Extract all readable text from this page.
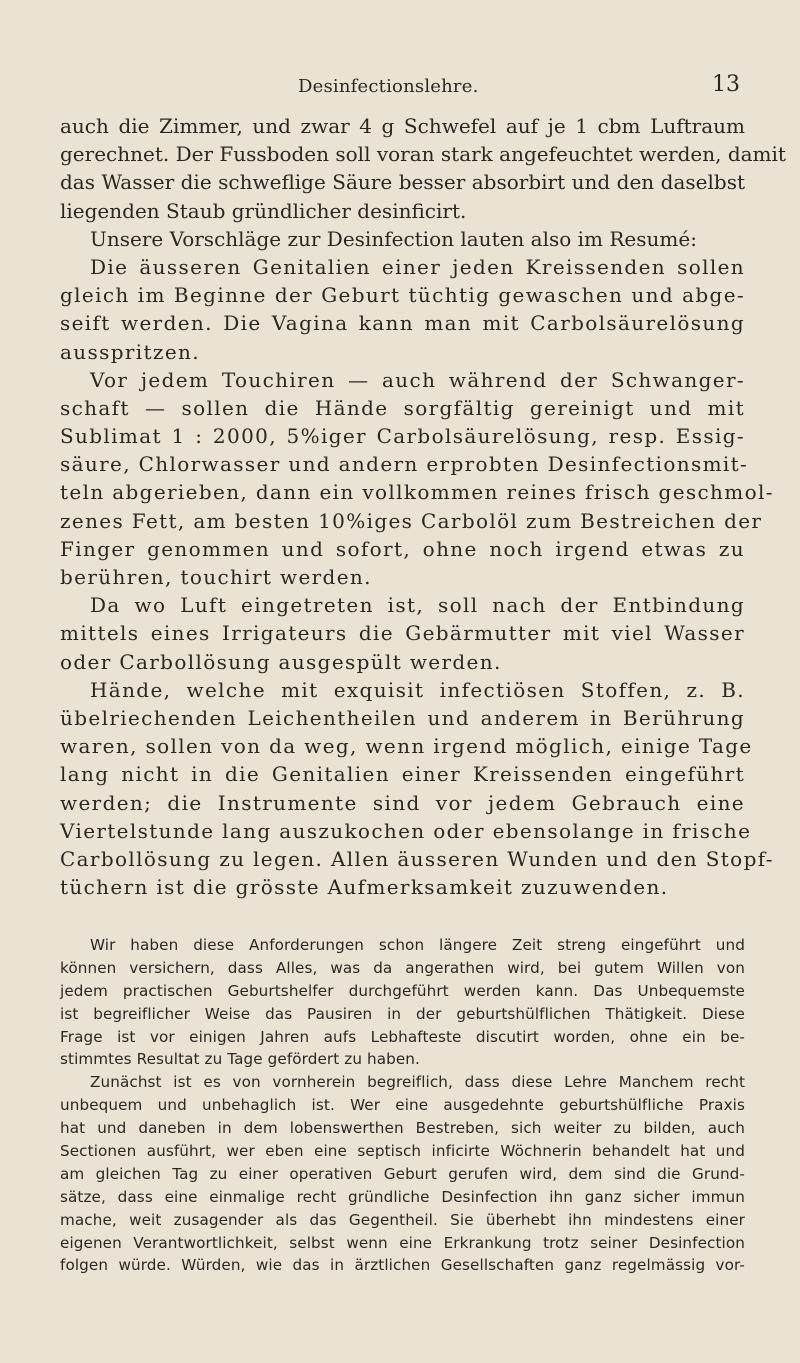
Desinfectionslehre.	13
auch die Zimmer, und zwar 4 g Schwefel auf je 1 cbm Luftraum
gerechnet. Der Fussboden soll voran stark angefeuchtet werden, damit
das Wasser die schweflige Säure besser absorbirt und den daselbst
liegenden Staub gründlicher desinficirt.
Unsere Vorschläge zur Desinfection lauten also im Resumé:
Die äusseren Genitalien einer jeden Kreissenden sollen
gleich im Beginne der Geburt tüchtig gewaschen und abge-
seift werden. Die Vagina kann man mit Carbolsäurelösung
ausspritzen.
Vor jedem Touchiren — auch während der Schwanger-
schaft — sollen die Hände sorgfältig gereinigt und mit
Sublimat 1 : 2000, 5%iger Carbolsäurelösung, resp. Essig-
säure, Chlorwasser und andern erprobten Desinfectionsmit-
teln abgerieben, dann ein vollkommen reines frisch geschmol-
zenes Fett, am besten 10%iges Carbolöl zum Bestreichen der
Finger genommen und sofort, ohne noch irgend etwas zu
berühren, touchirt werden.
Da wo Luft eingetreten ist, soll nach der Entbindung
mittels eines Irrigateurs die Gebärmutter mit viel Wasser
oder Carbollösung ausgespült werden.
Hände, welche mit exquisit infectiösen Stoffen, z. B.
übelriechenden Leichentheilen und anderem in Berührung
waren, sollen von da weg, wenn irgend möglich, einige Tage
lang nicht in die Genitalien einer Kreissenden eingeführt
werden; die Instrumente sind vor jedem Gebrauch eine
Viertelstunde lang auszukochen oder ebensolange in frische
Carbollösung zu legen. Allen äusseren Wunden und den Stopf-
tüchern ist die grösste Aufmerksamkeit zuzuwenden.
Wir haben diese Anforderungen schon längere Zeit streng eingeführt und
können versichern, dass Alles, was da angerathen wird, bei gutem Willen von
jedem practischen Geburtshelfer durchgeführt werden kann. Das Unbequemste
ist begreiflicher Weise das Pausiren in der geburtshülflichen Thätigkeit. Diese
Frage ist vor einigen Jahren aufs Lebhafteste discutirt worden, ohne ein be-
stimmtes Resultat zu Tage gefördert zu haben.
Zunächst ist es von vornherein begreiflich, dass diese Lehre Manchem recht
unbequem und unbehaglich ist. Wer eine ausgedehnte geburtshülfliche Praxis
hat und daneben in dem lobenswerthen Bestreben, sich weiter zu bilden, auch
Sectionen ausführt, wer eben eine septisch inficirte Wöchnerin behandelt hat und
am gleichen Tag zu einer operativen Geburt gerufen wird, dem sind die Grund-
sätze, dass eine einmalige recht gründliche Desinfection ihn ganz sicher immun
mache, weit zusagender als das Gegentheil. Sie überhebt ihn mindestens einer
eigenen Verantwortlichkeit, selbst wenn eine Erkrankung trotz seiner Desinfection
folgen würde. Würden, wie das in ärztlichen Gesellschaften ganz regelmässig vor-
